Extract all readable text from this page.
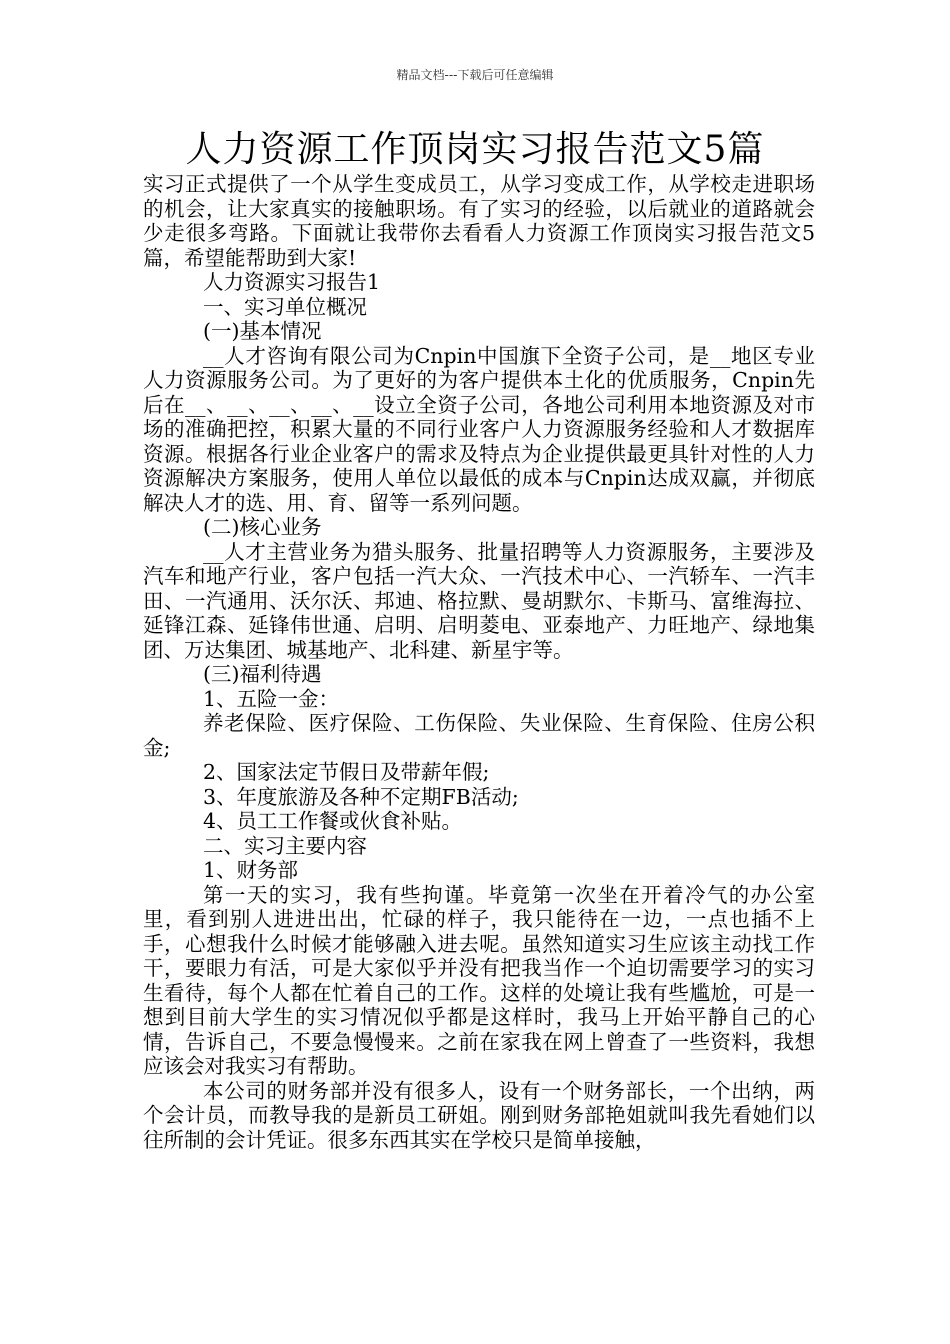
精品文档---下载后可任意编辑
人力资源工作顶岗实习报告范文5篇

实习正式提供了一个从学生变成员工，从学习变成工作，从学校走进职场的机会，让大家真实的接触职场。有了实习的经验，以后就业的道路就会少走很多弯路。下面就让我带你去看看人力资源工作顶岗实习报告范文5篇，希望能帮助到大家!

人力资源实习报告1

一、实习单位概况

(一)基本情况

__人才咨询有限公司为Cnpin中国旗下全资子公司，是__地区专业人力资源服务公司。为了更好的为客户提供本土化的优质服务，Cnpin先后在__、__、__、__、__设立全资子公司，各地公司利用本地资源及对市场的准确把控，积累大量的不同行业客户人力资源服务经验和人才数据库资源。根据各行业企业客户的需求及特点为企业提供最更具针对性的人力资源解决方案服务，使用人单位以最低的成本与Cnpin达成双赢，并彻底解决人才的选、用、育、留等一系列问题。

(二)核心业务

__人才主营业务为猎头服务、批量招聘等人力资源服务，主要涉及汽车和地产行业，客户包括一汽大众、一汽技术中心、一汽轿车、一汽丰田、一汽通用、沃尔沃、邦迪、格拉默、曼胡默尔、卡斯马、富维海拉、延锋江森、延锋伟世通、启明、启明菱电、亚泰地产、力旺地产、绿地集团、万达集团、城基地产、北科建、新星宇等。

(三)福利待遇

1、五险一金：

养老保险、医疗保险、工伤保险、失业保险、生育保险、住房公积金;

2、国家法定节假日及带薪年假;

3、年度旅游及各种不定期FB活动;

4、员工工作餐或伙食补贴。

二、实习主要内容

1、财务部

第一天的实习，我有些拘谨。毕竟第一次坐在开着冷气的办公室里，看到别人进进出出，忙碌的样子，我只能待在一边，一点也插不上手，心想我什么时候才能够融入进去呢。虽然知道实习生应该主动找工作干，要眼力有活，可是大家似乎并没有把我当作一个迫切需要学习的实习生看待，每个人都在忙着自己的工作。这样的处境让我有些尴尬，可是一想到目前大学生的实习情况似乎都是这样时，我马上开始平静自己的心情，告诉自己，不要急慢慢来。之前在家我在网上曾查了一些资料，我想应该会对我实习有帮助。

本公司的财务部并没有很多人，设有一个财务部长，一个出纳，两个会计员，而教导我的是新员工研姐。刚到财务部艳姐就叫我先看她们以往所制的会计凭证。很多东西其实在学校只是简单接触，
